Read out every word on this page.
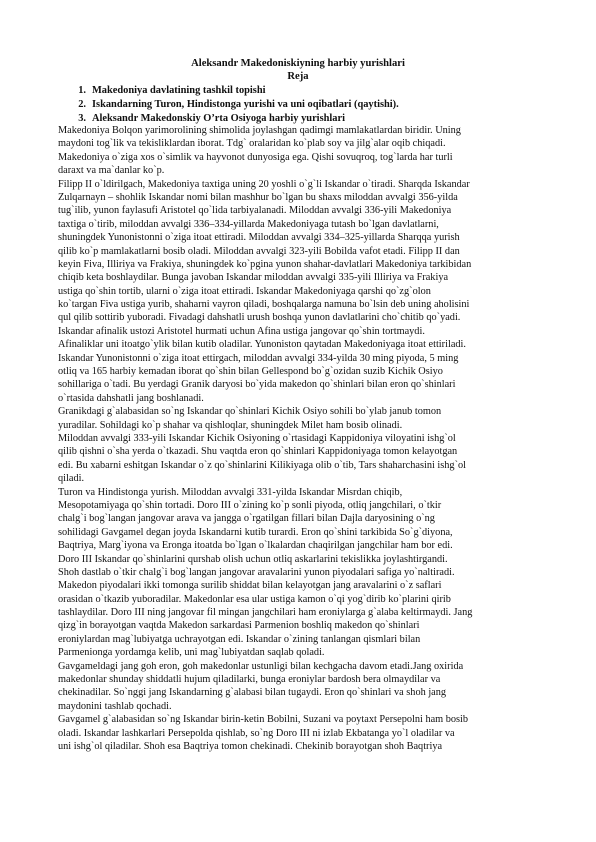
Aleksandr Makedoniskiyning harbiy yurishlari
Reja
1. Makedoniya davlatining tashkil topishi
2. Iskandarning Turon, Hindistonga yurishi va uni oqibatlari (qaytishi).
3. Aleksandr Makedonskiy O’rta Osiyoga harbiy yurishlari
Makedoniya Bolqon yarimorolining shimolida joylashgan qadimgi mamlakatlardan biridir. Uning
maydoni tog`lik va tekisliklardan iborat. Tdg` oralaridan ko`plab soy va jilg`alar oqib chiqadi.
Makedoniya o`ziga xos o`simlik va hayvonot dunyosiga ega. Qishi sovuqroq, tog`larda har turli
daraxt va ma`danlar ko`p.
Filipp II o`ldirilgach, Makedoniya taxtiga uning 20 yoshli o`g`li Iskandar o`tiradi. Sharqda Iskandar
Zulqarnayn – shohlik Iskandar nomi bilan mashhur bo`lgan bu shaxs miloddan avvalgi 356-yilda
tug`ilib, yunon faylasufi Aristotel qo`lida tarbiyalanadi. Miloddan avvalgi 336-yili Makedoniya
taxtiga o`tirib, miloddan avvalgi 336–334-yillarda Makedoniyaga tutash bo`lgan davlatlarni,
shuningdek Yunonistonni o`ziga itoat ettiradi. Miloddan avvalgi 334–325-yillarda Sharqqa yurish
qilib ko`p mamlakatlarni bosib oladi. Miloddan avvalgi 323-yili Bobilda vafot etadi. Filipp II dan
keyin Fiva, Illiriya va Frakiya, shuningdek ko`pgina yunon shahar-davlatlari Makedoniya tarkibidan
chiqib keta boshlaydilar. Bunga javoban Iskandar miloddan avvalgi 335-yili Illiriya va Frakiya
ustiga qo`shin tortib, ularni o`ziga itoat ettiradi. Iskandar Makedoniyaga qarshi qo`zg`olon
ko`targan Fiva ustiga yurib, shaharni vayron qiladi, boshqalarga namuna bo`lsin deb uning aholisini
qul qilib sottirib yuboradi. Fivadagi dahshatli urush boshqa yunon davlatlarini cho`chitib qo`yadi.
Iskandar afinalik ustozi Aristotel hurmati uchun Afina ustiga jangovar qo`shin tortmaydi.
Afinaliklar uni itoatgo`ylik bilan kutib oladilar. Yunoniston qaytadan Makedoniyaga itoat ettiriladi.
Iskandar Yunonistonni o`ziga itoat ettirgach, miloddan avvalgi 334-yilda 30 ming piyoda, 5 ming
otliq va 165 harbiy kemadan iborat qo`shin bilan Gellespond bo`g`ozidan suzib Kichik Osiyo
sohillariga o`tadi. Bu yerdagi Granik daryosi bo`yida makedon qo`shinlari bilan eron qo`shinlari
o`rtasida dahshatli jang boshlanadi.
Granikdagi g`alabasidan so`ng Iskandar qo`shinlari Kichik Osiyo sohili bo`ylab janub tomon
yuradilar. Sohildagi ko`p shahar va qishloqlar, shuningdek Milet ham bosib olinadi.
Miloddan avvalgi 333-yili Iskandar Kichik Osiyoning o`rtasidagi Kappidoniya viloyatini ishg`ol
qilib qishni o`sha yerda o`tkazadi. Shu vaqtda eron qo`shinlari Kappidoniyaga tomon kelayotgan
edi. Bu xabarni eshitgan Iskandar o`z qo`shinlarini Kilikiyaga olib o`tib, Tars shaharchasini ishg`ol
qiladi.
Turon va Hindistonga yurish. Miloddan avvalgi 331-yilda Iskandar Misrdan chiqib,
Mesopotamiyaga qo`shin tortadi. Doro III o`zining ko`p sonli piyoda, otliq jangchilari, o`tkir
chalg`i bog`langan jangovar arava va jangga o`rgatilgan fillari bilan Dajla daryosining o`ng
sohilidagi Gavgamel degan joyda Iskandarni kutib turardi. Eron qo`shini tarkibida So`g`diyona,
Baqtriya, Marg`iyona va Eronga itoatda bo`lgan o`lkalardan chaqirilgan jangchilar ham bor edi.
Doro III Iskandar qo`shinlarini qurshab olish uchun otliq askarlarini tekislikka joylashtirgandi.
Shoh dastlab o`tkir chalg`i bog`langan jangovar aravalarini yunon piyodalari safiga yo`naltiradi.
Makedon piyodalari ikki tomonga surilib shiddat bilan kelayotgan jang aravalarini o`z saflari
orasidan o`tkazib yuboradilar. Makedonlar esa ular ustiga kamon o`qi yog`dirib ko`plarini qirib
tashlaydilar. Doro III ning jangovar fil mingan jangchilari ham eroniylarga g`alaba keltirmaydi. Jang
qizg`in borayotgan vaqtda Makedon sarkardasi Parmenion boshliq makedon qo`shinlari
eroniylardan mag`lubiyatga uchrayotgan edi. Iskandar o`zining tanlangan qismlari bilan
Parmenionga yordamga kelib, uni mag`lubiyatdan saqlab qoladi.
Gavgameldagi jang goh eron, goh makedonlar ustunligi bilan kechgacha davom etadi.Jang oxirida
makedonlar shunday shiddatli hujum qiladilarki, bunga eroniylar bardosh bera olmaydilar va
chekinadilar. So`nggi jang Iskandarning g`alabasi bilan tugaydi. Eron qo`shinlari va shoh jang
maydonini tashlab qochadi.
Gavgamel g`alabasidan so`ng Iskandar birin-ketin Bobilni, Suzani va poytaxt Persepolni ham bosib
oladi. Iskandar lashkarlari Persepolda qishlab, so`ng Doro III ni izlab Ekbatanga yo`l oladilar va
uni ishg`ol qiladilar. Shoh esa Baqtriya tomon chekinadi. Chekinib borayotgan shoh Baqtriya
